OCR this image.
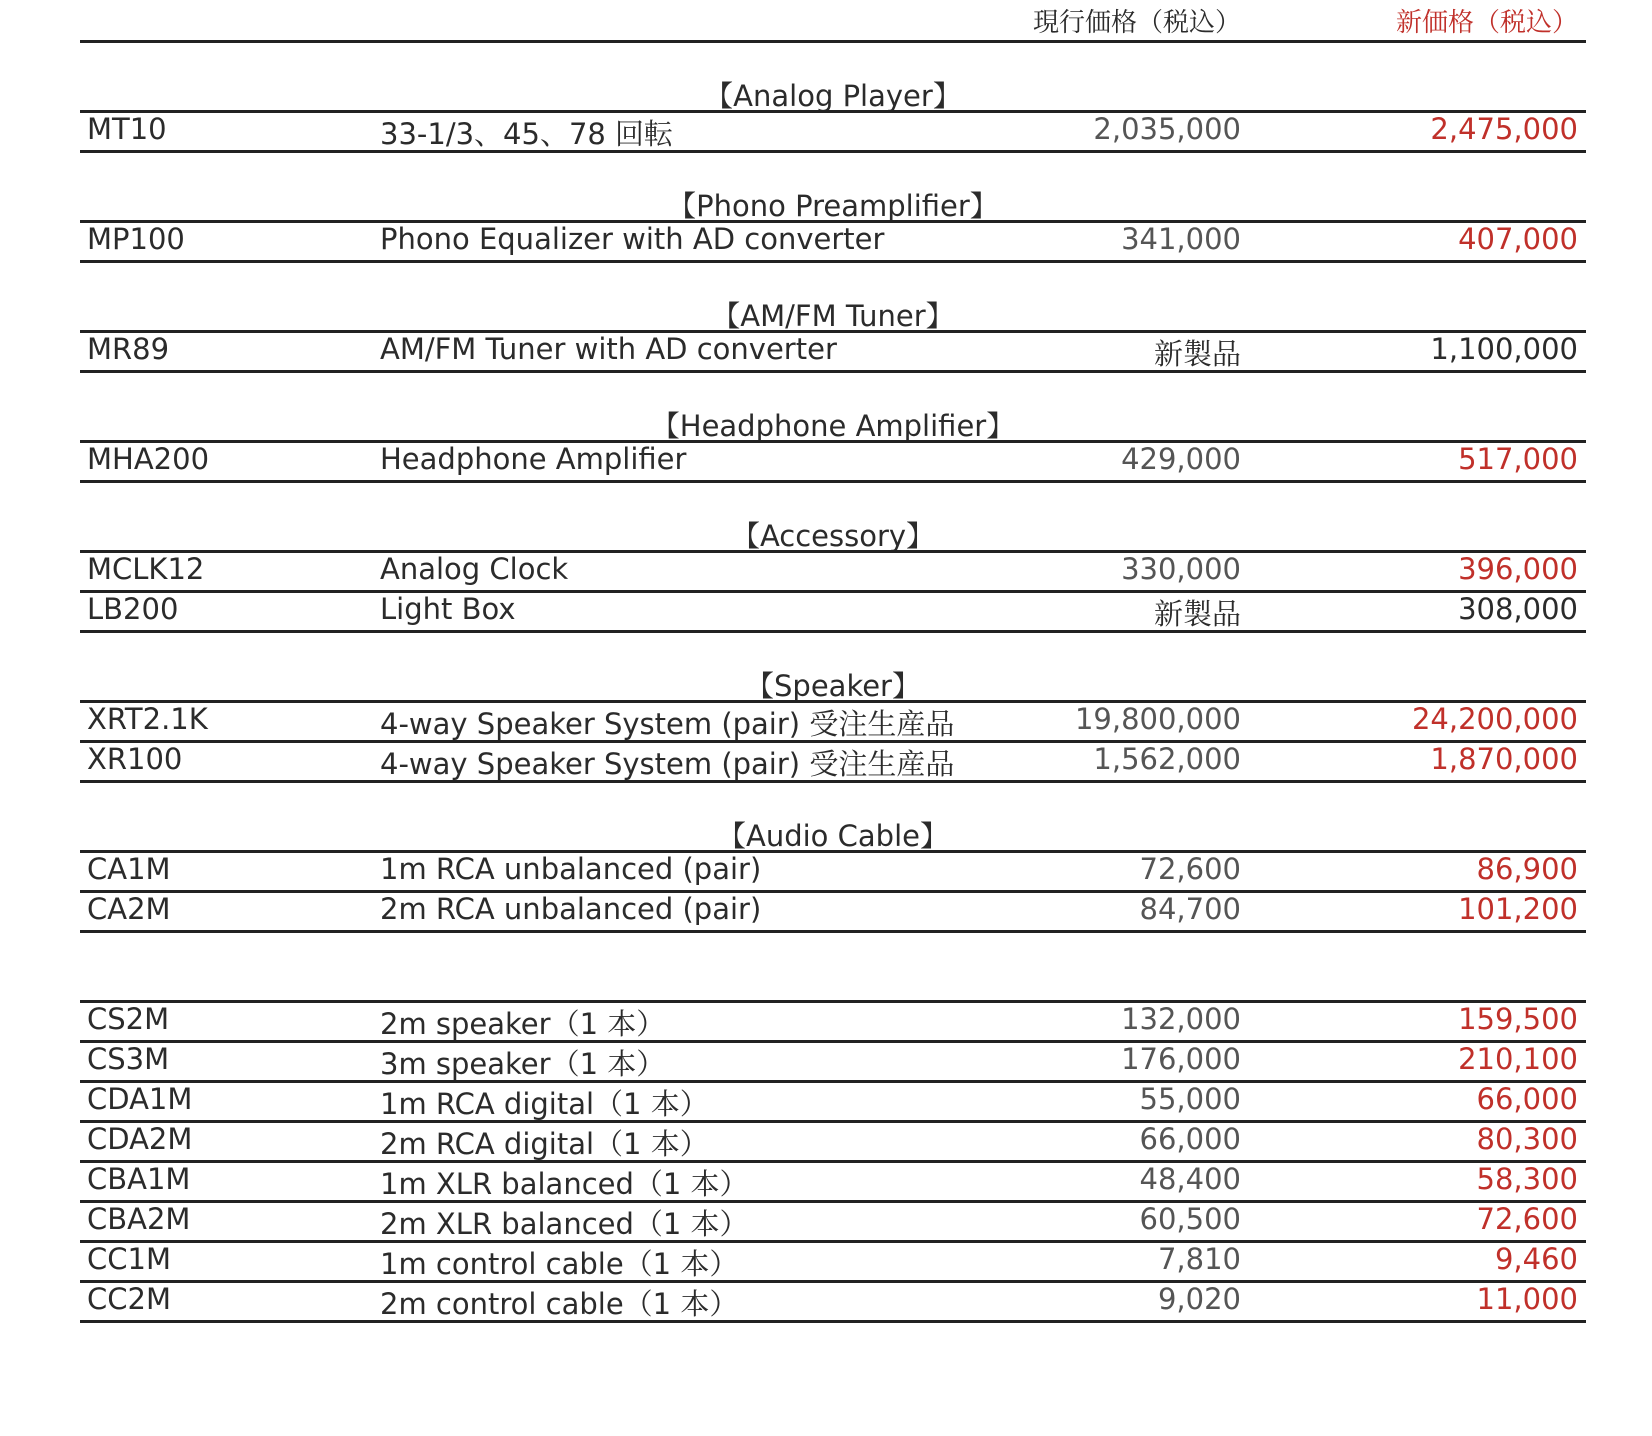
現行価格（税込）	新価格（税込）
【Analog Player】
MT10	33-1/3、45、78 回転	2,035,000	2,475,000
【Phono Preamplifier】
MP100	Phono Equalizer with AD converter	341,000	407,000
【AM/FM Tuner】
MR89	AM/FM Tuner with AD converter	新製品	1,100,000
【Headphone Amplifier】
MHA200	Headphone Amplifier	429,000	517,000
【Accessory】
MCLK12	Analog Clock	330,000	396,000
LB200	Light Box	新製品	308,000
【Speaker】
XRT2.1K	4-way Speaker System (pair) 受注生産品	19,800,000	24,200,000
XR100	4-way Speaker System (pair) 受注生産品	1,562,000	1,870,000
【Audio Cable】
CA1M	1m RCA unbalanced (pair)	72,600	86,900
CA2M	2m RCA unbalanced (pair)	84,700	101,200
CS2M	2m speaker（1 本）	132,000	159,500
CS3M	3m speaker（1 本）	176,000	210,100
CDA1M	1m RCA digital（1 本）	55,000	66,000
CDA2M	2m RCA digital（1 本）	66,000	80,300
CBA1M	1m XLR balanced（1 本）	48,400	58,300
CBA2M	2m XLR balanced（1 本）	60,500	72,600
CC1M	1m control cable（1 本）	7,810	9,460
CC2M	2m control cable（1 本）	9,020	11,000
